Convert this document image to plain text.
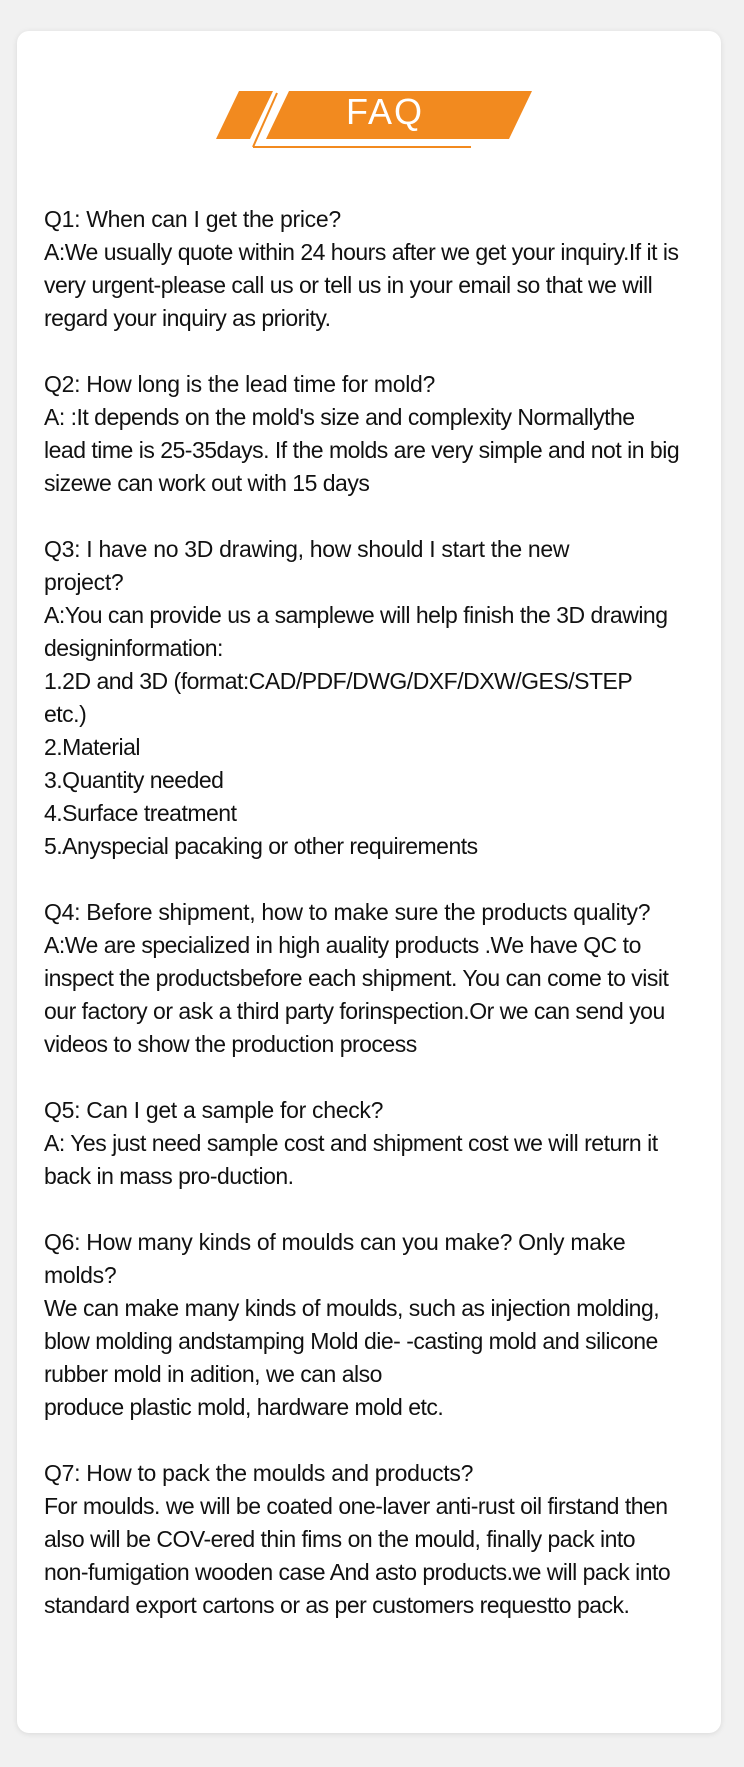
FAQ
Q1: When can I get the price?
A:We usually quote within 24 hours after we get your inquiry.If it is
very urgent-please call us or tell us in your email so that we will
regard your inquiry as priority.
Q2: How long is the lead time for mold?
A: :It depends on the mold's size and complexity Normallythe
lead time is 25-35days. If the molds are very simple and not in big
sizewe can work out with 15 days
Q3: I have no 3D drawing, how should I start the new
project?
A:You can provide us a samplewe will help finish the 3D drawing
designinformation:
1.2D and 3D (format:CAD/PDF/DWG/DXF/DXW/GES/STEP
etc.)
2.Material
3.Quantity needed
4.Surface treatment
5.Anyspecial pacaking or other requirements
Q4: Before shipment, how to make sure the products quality?
A:We are specialized in high auality products .We have QC to
inspect the productsbefore each shipment. You can come to visit
our factory or ask a third party forinspection.Or we can send you
videos to show the production process
Q5: Can I get a sample for check?
A: Yes just need sample cost and shipment cost we will return it
back in mass pro-duction.
Q6: How many kinds of moulds can you make? Only make
molds?
We can make many kinds of moulds, such as injection molding,
blow molding andstamping Mold die- -casting mold and silicone
rubber mold in adition, we can also
produce plastic mold, hardware mold etc.
Q7: How to pack the moulds and products?
For moulds. we will be coated one-laver anti-rust oil firstand then
also will be COV-ered thin fims on the mould, finally pack into
non-fumigation wooden case And asto products.we will pack into
standard export cartons or as per customers requestto pack.
